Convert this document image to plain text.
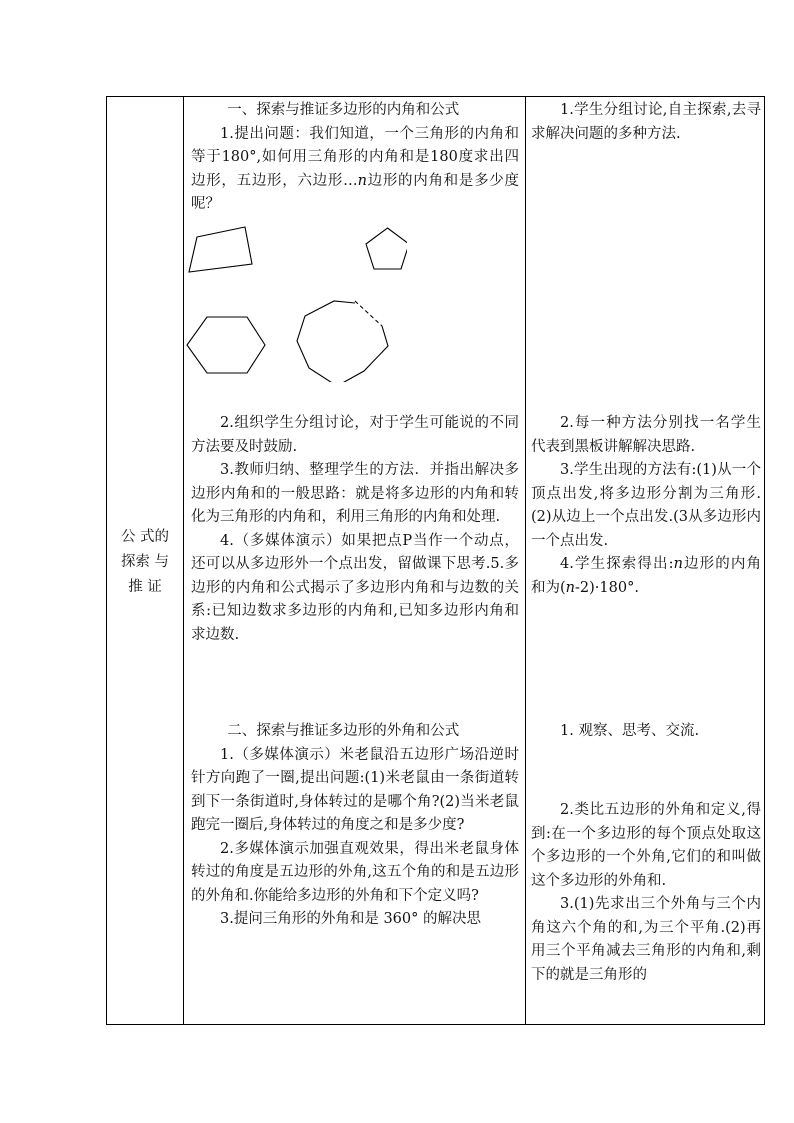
公 式的
探索 与
推 证

一、探索与推证多边形的内角和公式

1.提出问题：我们知道，一个三角形的内角和等于180°,如何用三角形的内角和是180度求出四边形，五边形，六边形…n边形的内角和是多少度呢？

2.组织学生分组讨论，对于学生可能说的不同方法要及时鼓励.

3.教师归纳、整理学生的方法．并指出解决多边形内角和的一般思路：就是将多边形的内角和转化为三角形的内角和，利用三角形的内角和处理.

4.（多媒体演示）如果把点P当作一个动点，还可以从多边形外一个点出发，留做课下思考.5.多边形的内角和公式揭示了多边形内角和与边数的关系:已知边数求多边形的内角和,已知多边形内角和求边数.

二、探索与推证多边形的外角和公式

1.（多媒体演示）米老鼠沿五边形广场沿逆时针方向跑了一圈,提出问题:(1)米老鼠由一条街道转到下一条街道时,身体转过的是哪个角?(2)当米老鼠跑完一圈后,身体转过的角度之和是多少度?

2.多媒体演示加强直观效果，得出米老鼠身体转过的角度是五边形的外角,这五个角的和是五边形的外角和.你能给多边形的外角和下个定义吗?

3.提问三角形的外角和是 360° 的解决思

1.学生分组讨论,自主探索,去寻求解决问题的多种方法.

2.每一种方法分别找一名学生代表到黑板讲解解决思路.

3.学生出现的方法有:(1)从一个顶点出发,将多边形分割为三角形.(2)从边上一个点出发.(3从多边形内一个点出发.

4.学生探索得出:n边形的内角和为(n-2)·180°.

1. 观察、思考、交流.

2.类比五边形的外角和定义,得到:在一个多边形的每个顶点处取这个多边形的一个外角,它们的和叫做这个多边形的外角和.

3.(1)先求出三个外角与三个内角这六个角的和,为三个平角.(2)再用三个平角减去三角形的内角和,剩下的就是三角形的
